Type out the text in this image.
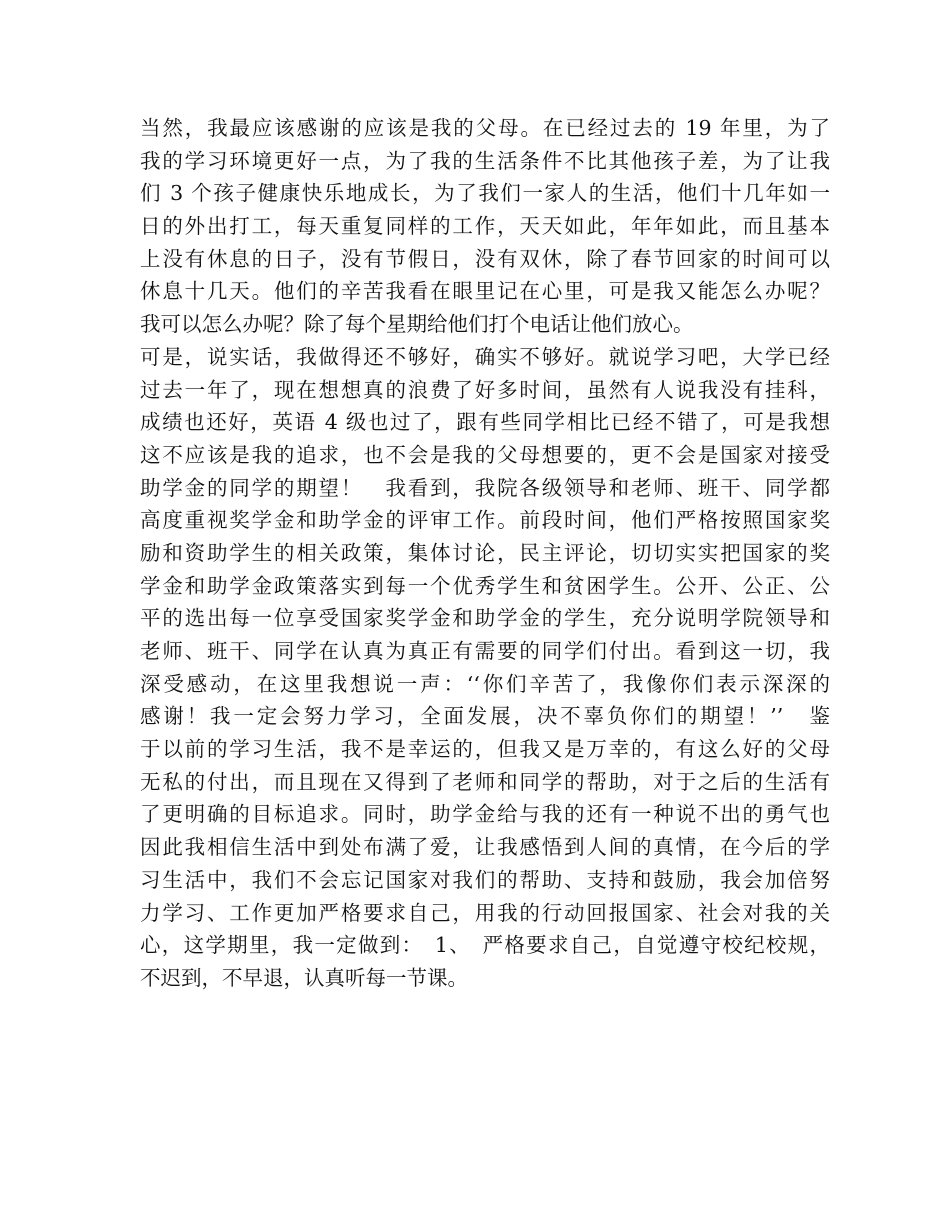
当然，我最应该感谢的应该是我的父母。在已经过去的 19 年里，为了
我的学习环境更好一点，为了我的生活条件不比其他孩子差，为了让我
们 3 个孩子健康快乐地成长，为了我们一家人的生活，他们十几年如一
日的外出打工，每天重复同样的工作，天天如此，年年如此，而且基本
上没有休息的日子，没有节假日，没有双休，除了春节回家的时间可以
休息十几天。他们的辛苦我看在眼里记在心里，可是我又能怎么办呢？
我可以怎么办呢？除了每个星期给他们打个电话让他们放心。
可是，说实话，我做得还不够好，确实不够好。就说学习吧，大学已经
过去一年了，现在想想真的浪费了好多时间，虽然有人说我没有挂科，
成绩也还好，英语 4 级也过了，跟有些同学相比已经不错了，可是我想
这不应该是我的追求，也不会是我的父母想要的，更不会是国家对接受
助学金的同学的期望！　我看到，我院各级领导和老师、班干、同学都
高度重视奖学金和助学金的评审工作。前段时间，他们严格按照国家奖
励和资助学生的相关政策，集体讨论，民主评论，切切实实把国家的奖
学金和助学金政策落实到每一个优秀学生和贫困学生。公开、公正、公
平的选出每一位享受国家奖学金和助学金的学生，充分说明学院领导和
老师、班干、同学在认真为真正有需要的同学们付出。看到这一切，我
深受感动，在这里我想说一声：‘‘你们辛苦了，我像你们表示深深的
感谢！我一定会努力学习，全面发展，决不辜负你们的期望！’’　鉴
于以前的学习生活，我不是幸运的，但我又是万幸的，有这么好的父母
无私的付出，而且现在又得到了老师和同学的帮助，对于之后的生活有
了更明确的目标追求。同时，助学金给与我的还有一种说不出的勇气也
因此我相信生活中到处布满了爱，让我感悟到人间的真情，在今后的学
习生活中，我们不会忘记国家对我们的帮助、支持和鼓励，我会加倍努
力学习、工作更加严格要求自己，用我的行动回报国家、社会对我的关
心，这学期里，我一定做到：　1、　严格要求自己，自觉遵守校纪校规，
不迟到，不早退，认真听每一节课。
